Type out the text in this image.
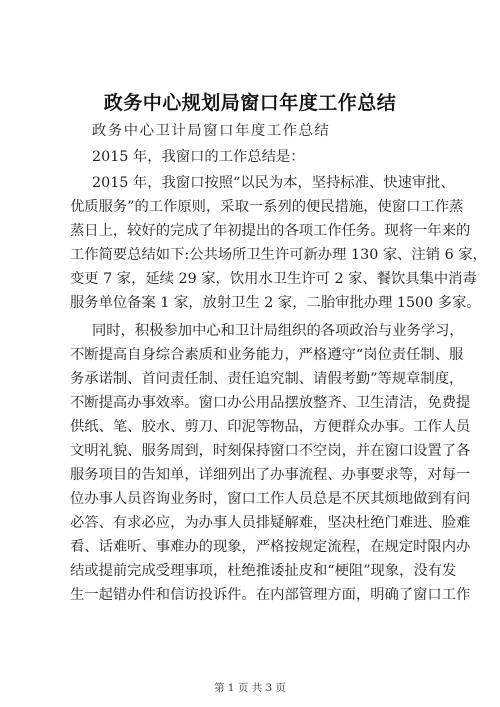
政务中心规划局窗口年度工作总结
政务中心卫计局窗口年度工作总结
2015 年，我窗口的工作总结是：
2015 年，我窗口按照“以民为本，坚持标准、快速审批、
优质服务”的工作原则，采取一系列的便民措施，使窗口工作蒸
蒸日上，较好的完成了年初提出的各项工作任务。现将一年来的
工作简要总结如下:公共场所卫生许可新办理 130 家、注销 6 家，
变更 7 家，延续 29 家，饮用水卫生许可 2 家、餐饮具集中消毒
服务单位备案 1 家，放射卫生 2 家，二胎审批办理 1500 多家。
同时，积极参加中心和卫计局组织的各项政治与业务学习，
不断提高自身综合素质和业务能力，严格遵守“岗位责任制、服
务承诺制、首问责任制、责任追究制、请假考勤”等规章制度，
不断提高办事效率。窗口办公用品摆放整齐、卫生清洁，免费提
供纸、笔、胶水、剪刀、印泥等物品，方便群众办事。工作人员
文明礼貌、服务周到，时刻保持窗口不空岗，并在窗口设置了各
服务项目的告知单，详细列出了办事流程、办事要求等，对每一
位办事人员咨询业务时，窗口工作人员总是不厌其烦地做到有问
必答、有求必应，为办事人员排疑解难，坚决杜绝门难进、脸难
看、话难听、事难办的现象，严格按规定流程，在规定时限内办
结或提前完成受理事项，杜绝推诿扯皮和“梗阻”现象，没有发
生一起错办件和信访投诉件。在内部管理方面，明确了窗口工作
第 1 页 共 3 页
